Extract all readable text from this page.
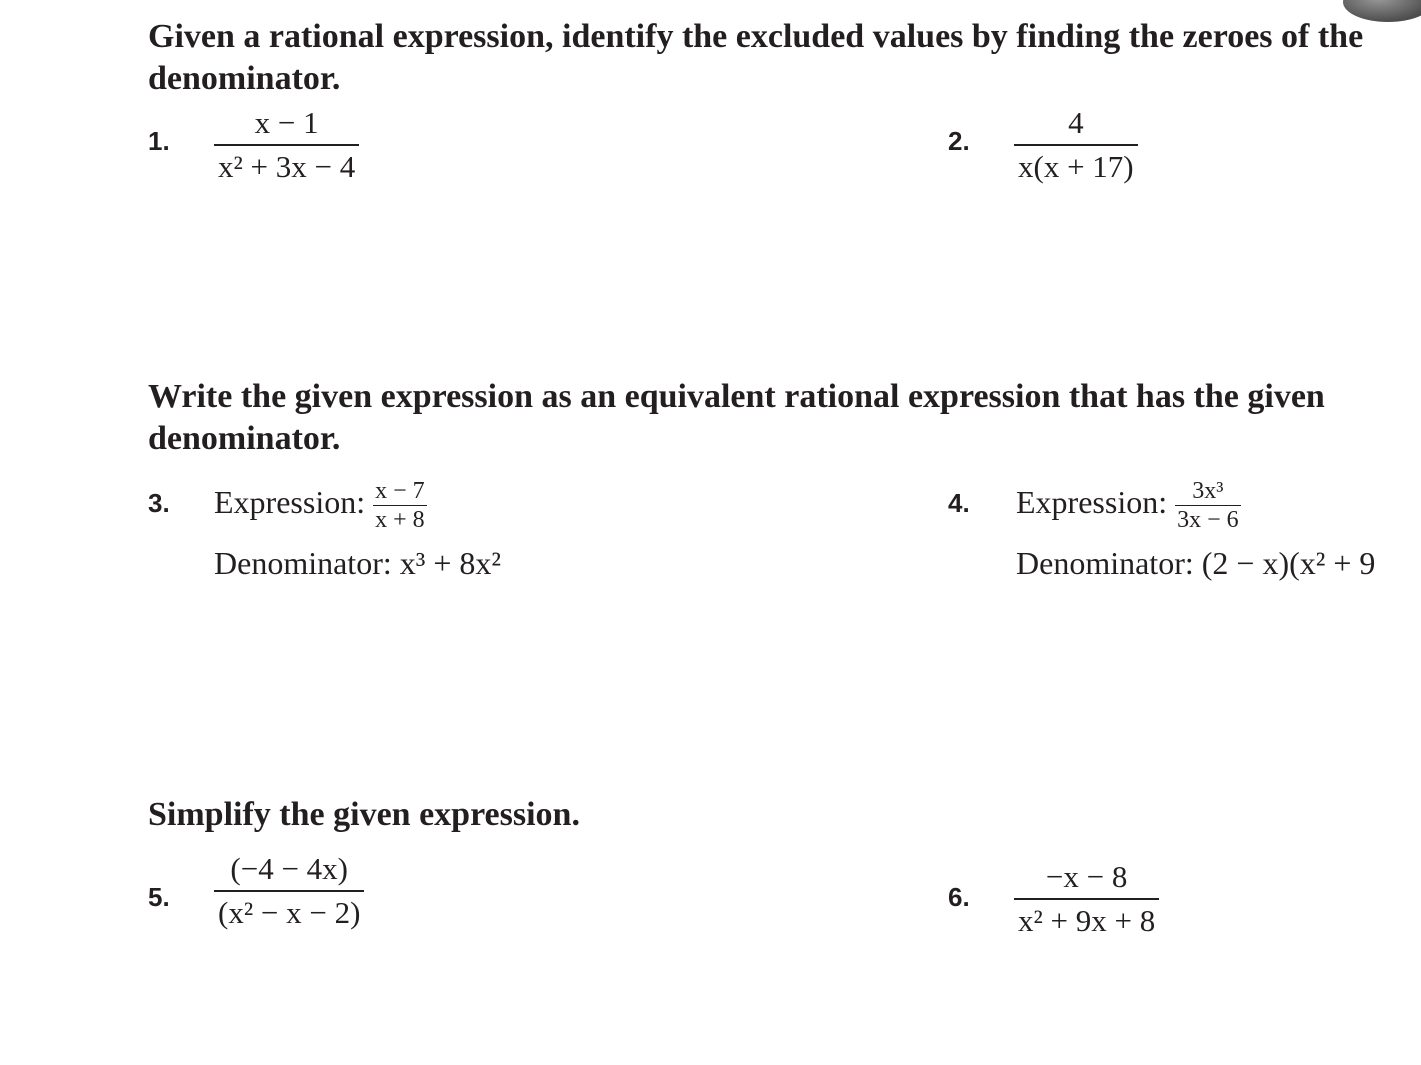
Given a rational expression, identify the excluded values by finding the zeroes of the denominator.
1. $\frac{x - 1}{\text{x² + 3x − 4}}$	2. $\frac{4}{x(x + 17)}$
Write the given expression as an equivalent rational expression that has the given denominator.
3. Expression: $\frac{x - 7}{x + 8}$
Denominator: x³ + 8x²
4. Expression: $\frac{\text{3x³}}{3x - 6}$
Denominator: (2 − x)(x² + 9
Simplify the given expression.
5. $\frac{(-4 - 4x)}{\text{(x² − x − 2)}}$	6. $\frac{-x - 8}{\text{x² + 9x + 8}}$
